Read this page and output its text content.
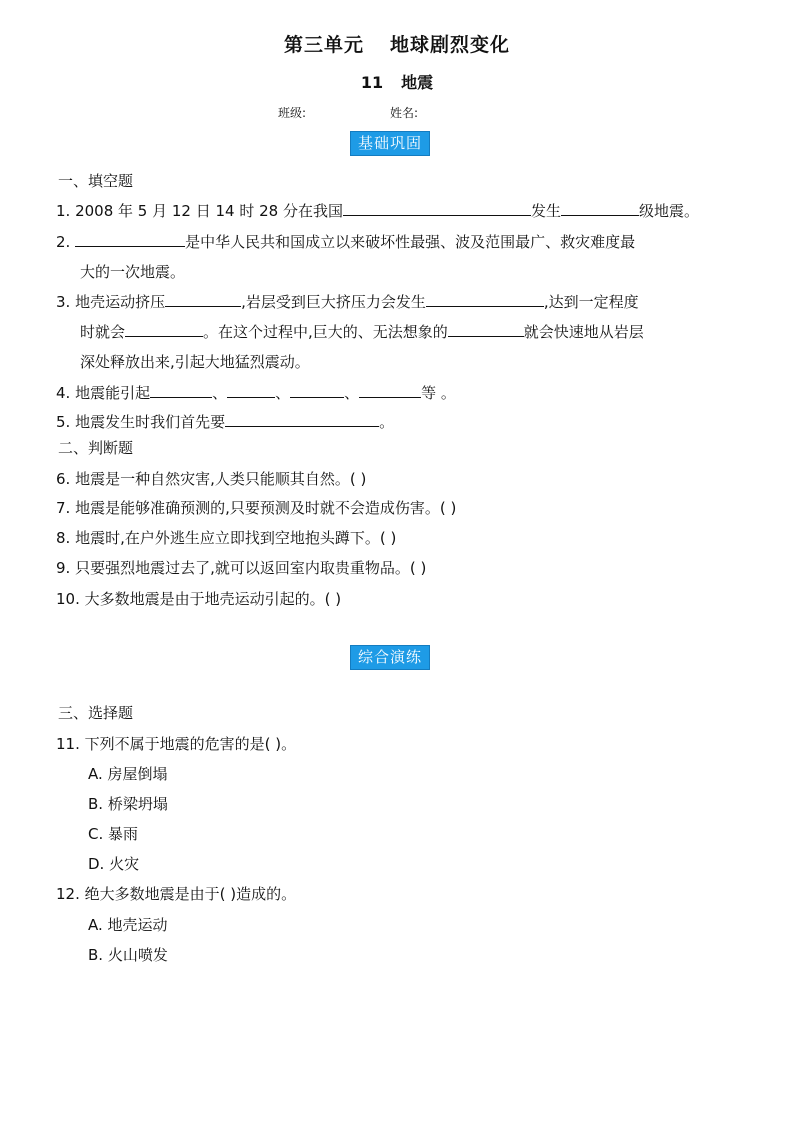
第三单元 地球剧烈变化
11 地震
班级:	姓名:
基础巩固
一、填空题
1. 2008 年 5 月 12 日 14 时 28 分在我国	发生	级地震。
2.	是中华人民共和国成立以来破坏性最强、波及范围最广、救灾难度最
大的一次地震。
3. 地壳运动挤压	,岩层受到巨大挤压力会发生	,达到一定程度
时就会	。在这个过程中,巨大的、无法想象的	就会快速地从岩层
深处释放出来,引起大地猛烈震动。
4. 地震能引起	、	、	、	等 。
5. 地震发生时我们首先要	。
二、判断题
6. 地震是一种自然灾害,人类只能顺其自然。( )
7. 地震是能够准确预测的,只要预测及时就不会造成伤害。( )
8. 地震时,在户外逃生应立即找到空地抱头蹲下。( )
9. 只要强烈地震过去了,就可以返回室内取贵重物品。( )
10. 大多数地震是由于地壳运动引起的。( )
综合演练
三、选择题
11. 下列不属于地震的危害的是( )。
A. 房屋倒塌
B. 桥梁坍塌
C. 暴雨
D. 火灾
12. 绝大多数地震是由于( )造成的。
A. 地壳运动
B. 火山喷发
